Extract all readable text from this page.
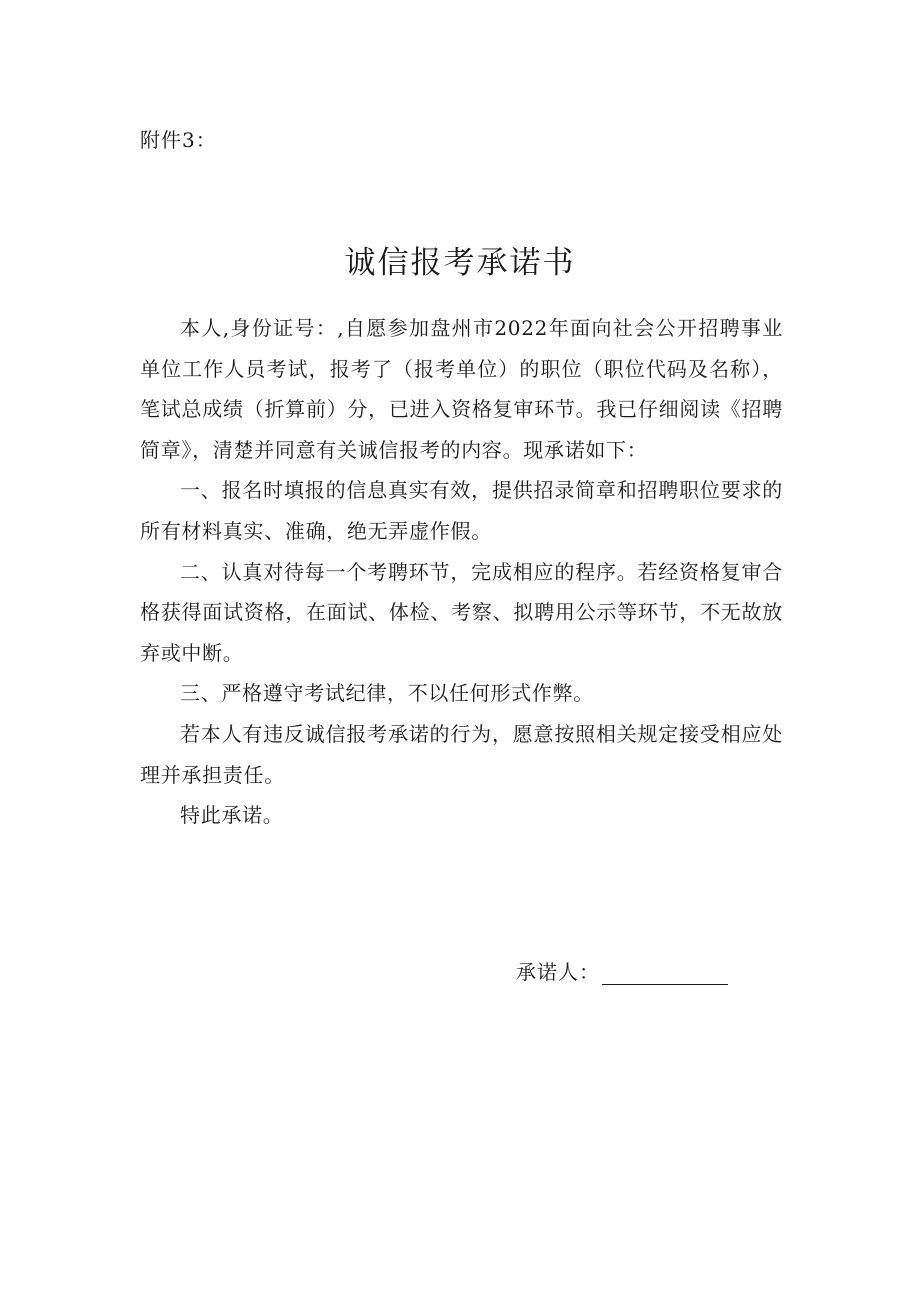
附件3：
诚信报考承诺书

本人,身份证号：,自愿参加盘州市2022年面向社会公开招聘事业单位工作人员考试，报考了（报考单位）的职位（职位代码及名称），笔试总成绩（折算前）分，已进入资格复审环节。我已仔细阅读《招聘简章》，清楚并同意有关诚信报考的内容。现承诺如下：

一、报名时填报的信息真实有效，提供招录简章和招聘职位要求的所有材料真实、准确，绝无弄虚作假。

二、认真对待每一个考聘环节，完成相应的程序。若经资格复审合格获得面试资格，在面试、体检、考察、拟聘用公示等环节，不无故放弃或中断。

三、严格遵守考试纪律，不以任何形式作弊。

若本人有违反诚信报考承诺的行为，愿意按照相关规定接受相应处理并承担责任。

特此承诺。

承诺人：
